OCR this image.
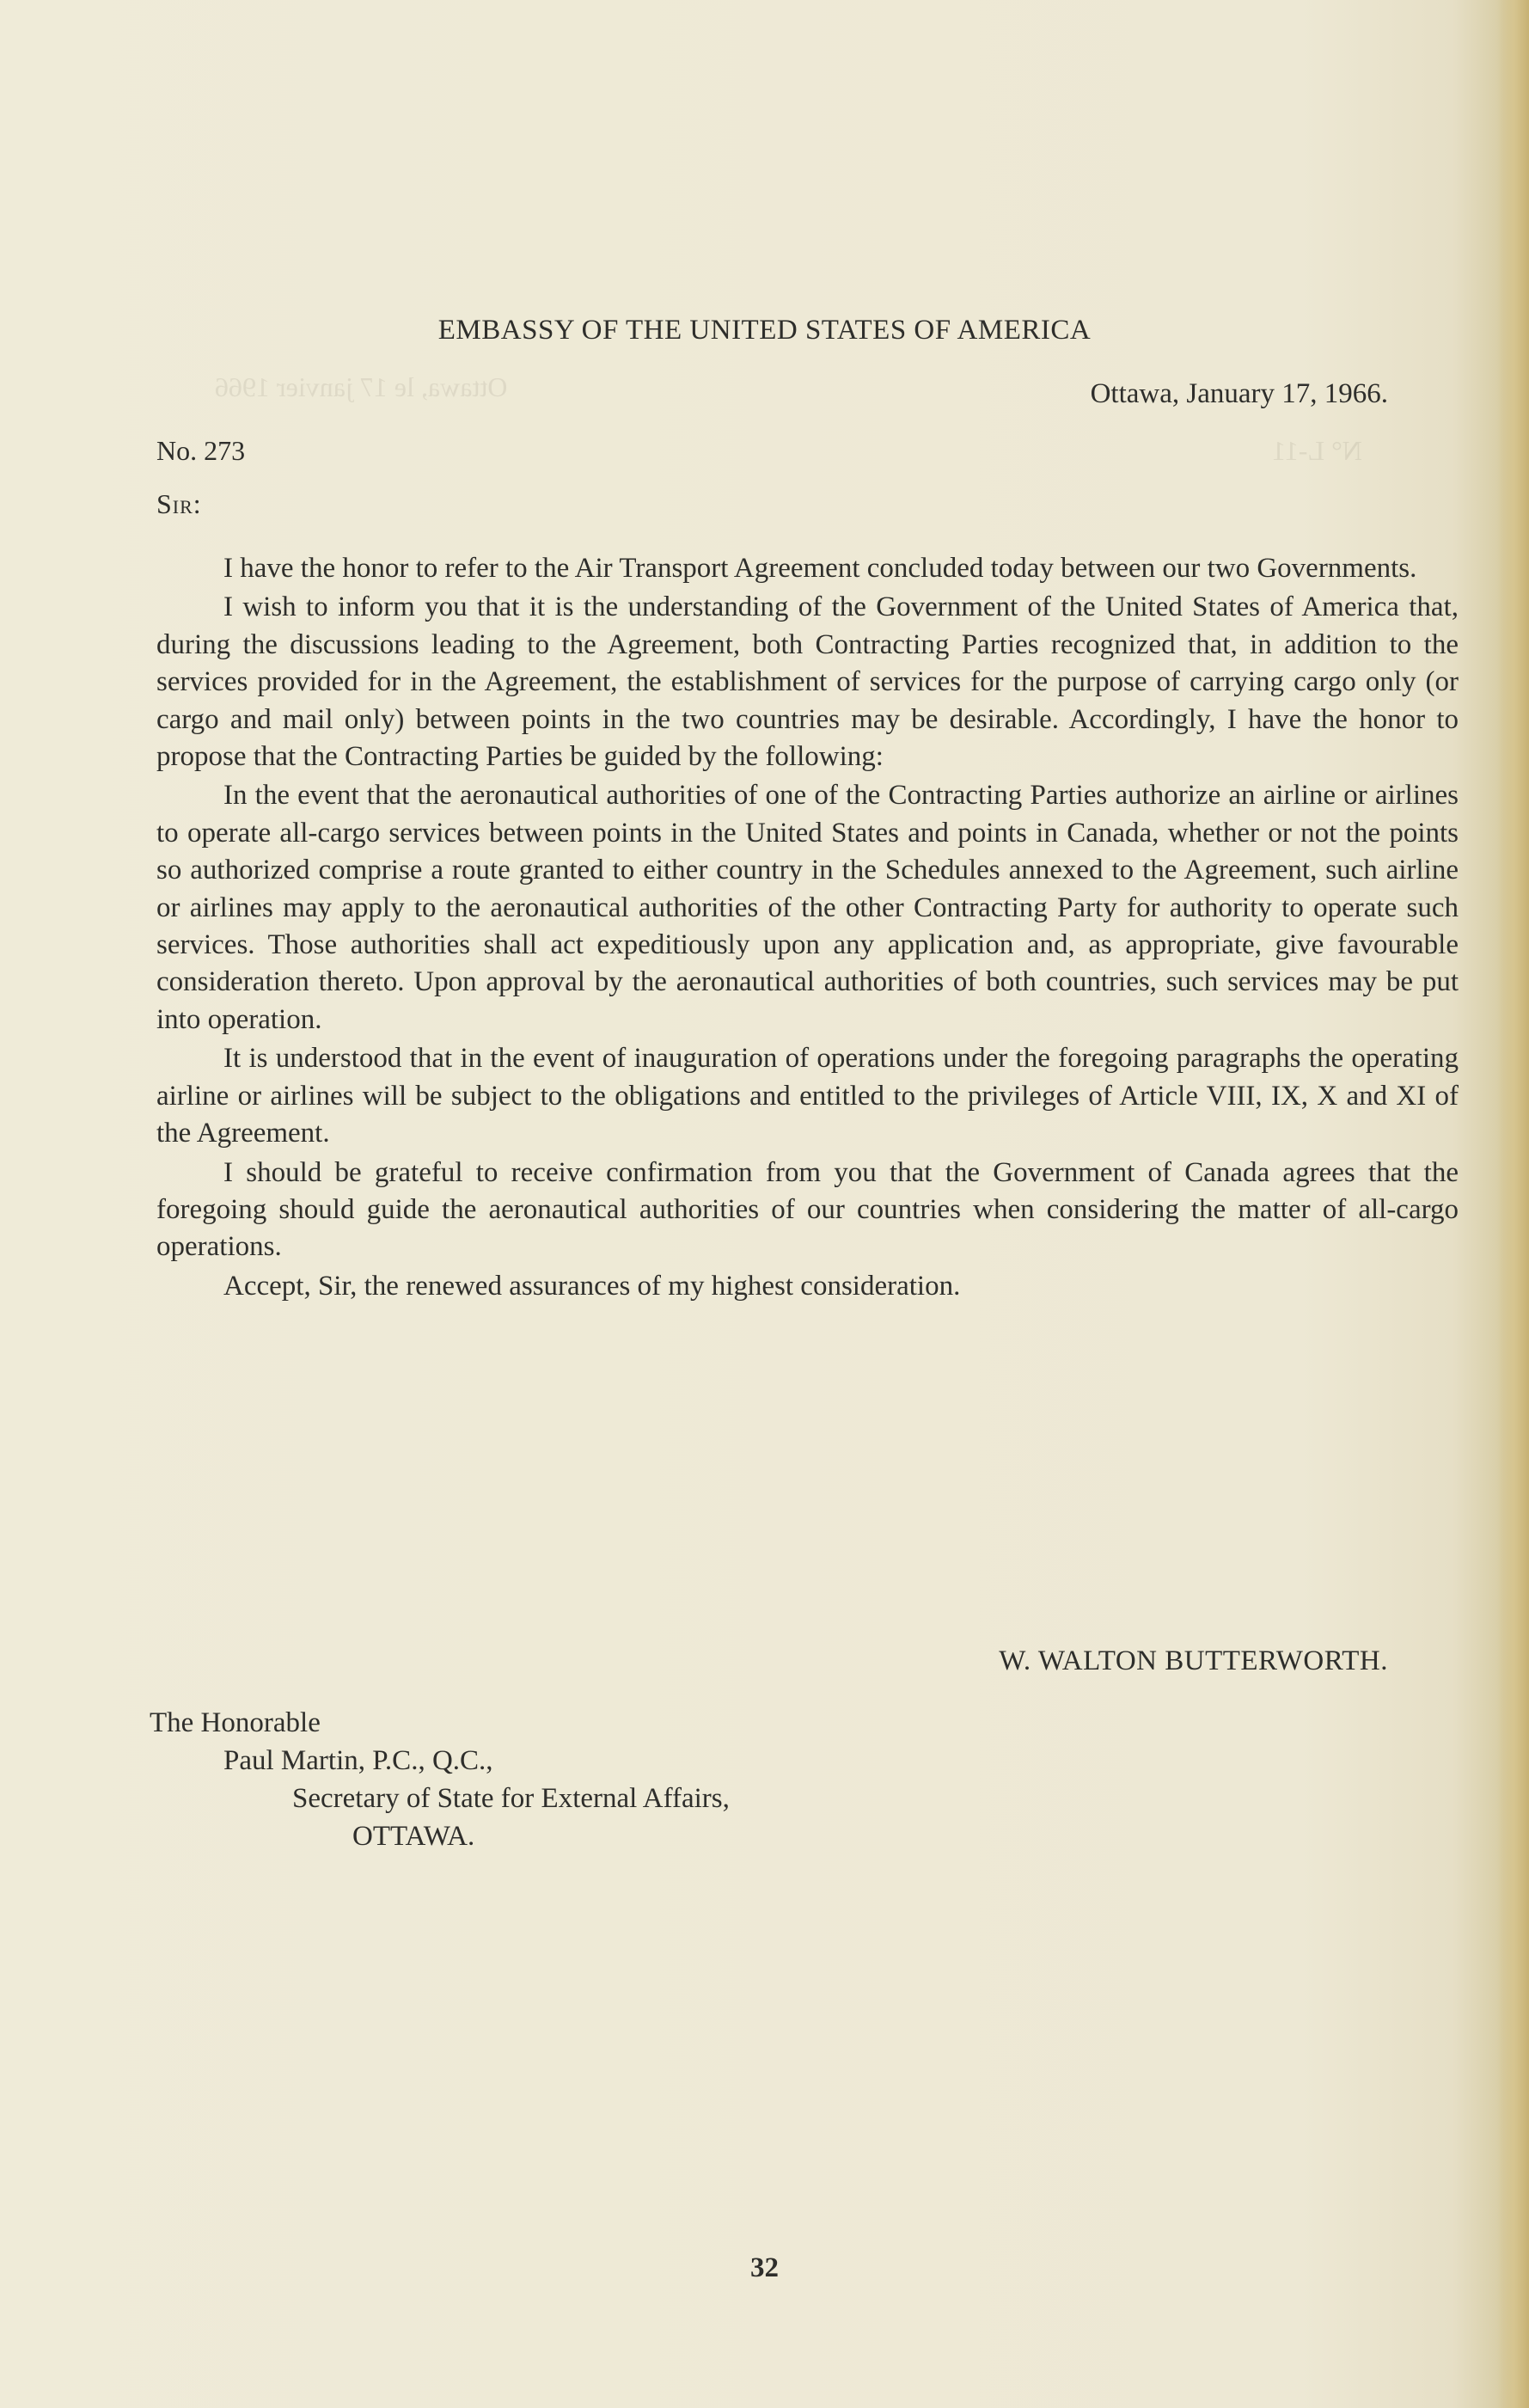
Ottawa, le 17 janvier 1966
N° L-11
EMBASSY OF THE UNITED STATES OF AMERICA
Ottawa, January 17, 1966.
No. 273
Sir:

I have the honor to refer to the Air Transport Agreement concluded today between our two Governments.

I wish to inform you that it is the understanding of the Government of the United States of America that, during the discussions leading to the Agreement, both Contracting Parties recognized that, in addition to the services provided for in the Agreement, the establishment of services for the purpose of carrying cargo only (or cargo and mail only) between points in the two countries may be desirable. Accordingly, I have the honor to propose that the Contracting Parties be guided by the following:

In the event that the aeronautical authorities of one of the Contracting Parties authorize an airline or airlines to operate all-cargo services between points in the United States and points in Canada, whether or not the points so authorized comprise a route granted to either country in the Schedules annexed to the Agreement, such airline or airlines may apply to the aeronautical authorities of the other Contracting Party for authority to operate such services. Those authorities shall act expeditiously upon any application and, as appropriate, give favourable consideration thereto. Upon approval by the aeronautical authorities of both countries, such services may be put into operation.

It is understood that in the event of inauguration of operations under the foregoing paragraphs the operating airline or airlines will be subject to the obligations and entitled to the privileges of Article VIII, IX, X and XI of the Agreement.

I should be grateful to receive confirmation from you that the Government of Canada agrees that the foregoing should guide the aeronautical authorities of our countries when considering the matter of all-cargo operations.

Accept, Sir, the renewed assurances of my highest consideration.

W. WALTON BUTTERWORTH.
The Honorable
Paul Martin, P.C., Q.C.,
Secretary of State for External Affairs,
OTTAWA.
32
